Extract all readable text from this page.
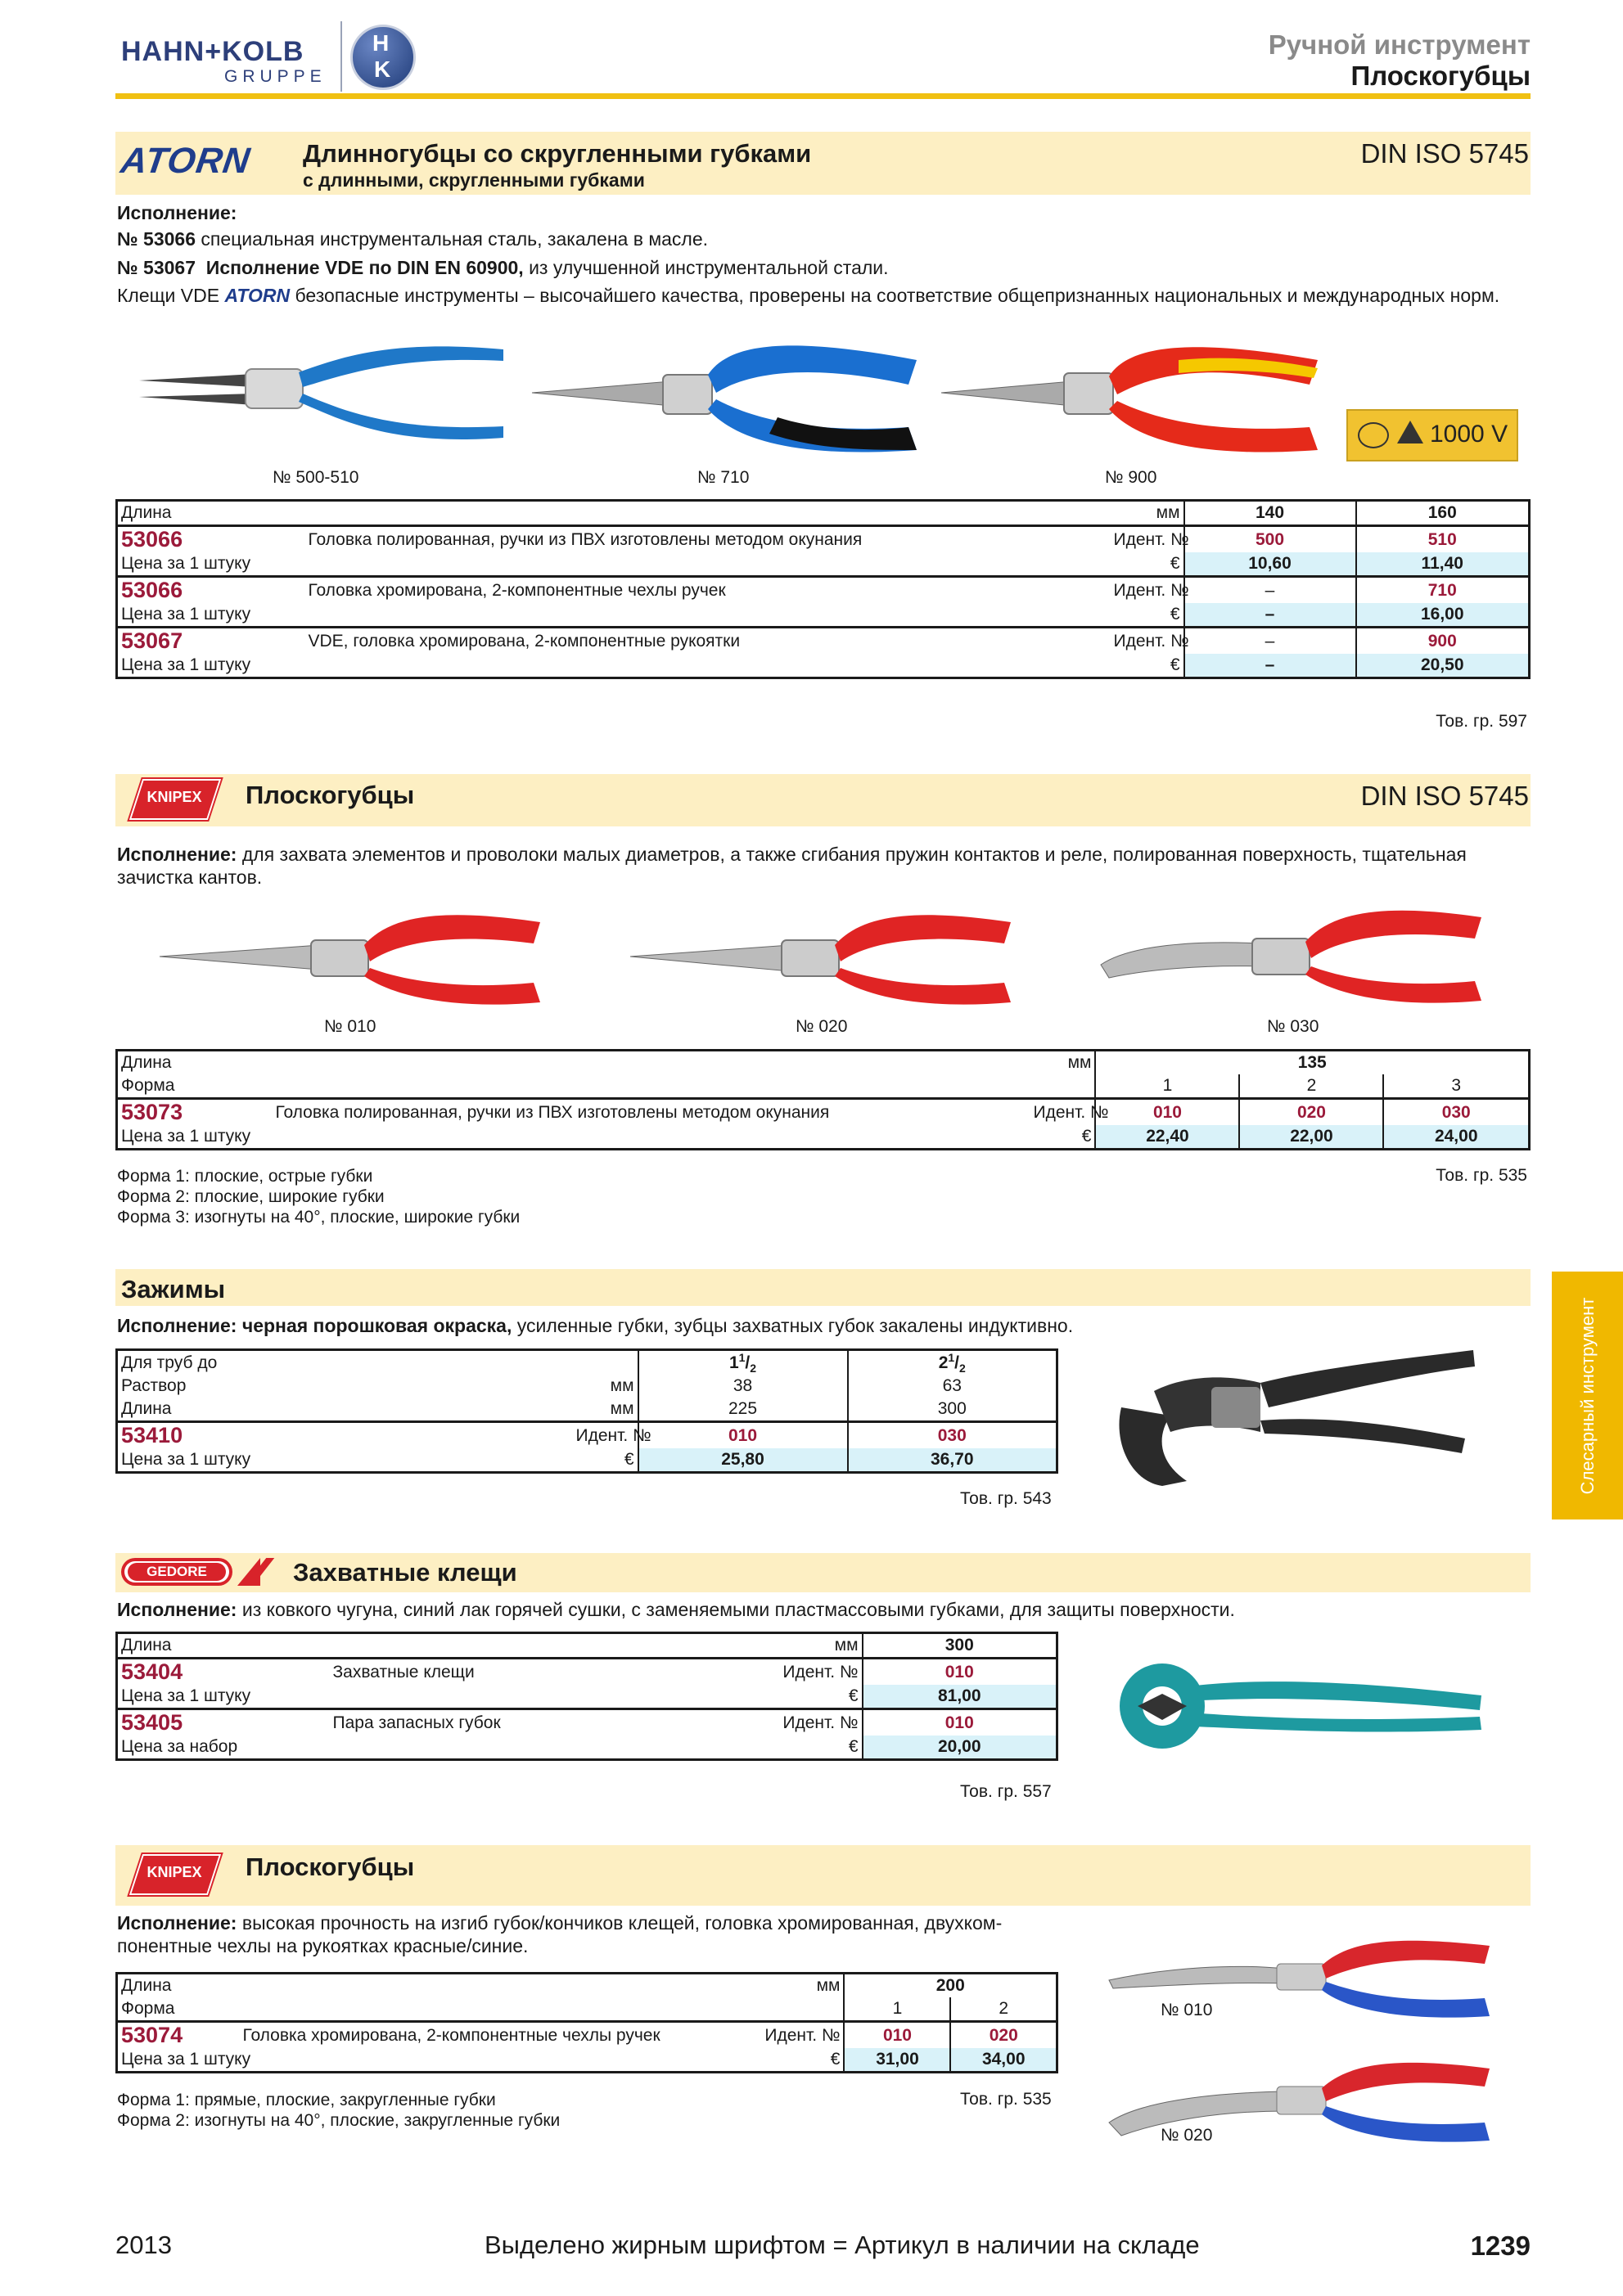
HAHN+KOLB
GRUPPE
H
K
Ручной инструмент
Плоскогубцы
Слесарный инструмент
ATORN	Длинногубцы со скругленными губками
с длинными, скругленными губками
DIN ISO 5745
Исполнение:
№ 53066 специальная инструментальная сталь, закалена в масле.
№ 53067 Исполнение VDE по DIN EN 60900, из улучшенной инструментальной стали.
Клещи VDE ATORN безопасные инструменты – высочайшего качества, проверены на соответствие общепризнанных национальных и международных норм.
1000 V
№ 500-510	№ 710	№ 900
Длина		мм	140	160
53066	Головка полированная, ручки из ПВХ изготовлены методом окунания	Идент. №	500	510
Цена за 1 штуку		€	10,60	11,40
53066	Головка хромирована, 2-компонентные чехлы ручек	Идент. №	–	710
Цена за 1 штуку		€	–	16,00
53067	VDE, головка хромирована, 2-компонентные рукоятки	Идент. №	–	900
Цена за 1 штуку		€	–	20,50
Тов. гр. 597
KNIPEX	Плоскогубцы	DIN ISO 5745
Исполнение: для захвата элементов и проволоки малых диаметров, а также сгибания пружин контактов и реле, полированная поверхность, тщательная зачистка кантов.
№ 010	№ 020	№ 030
Длина		мм	135		
Форма			1	2	3
53073	Головка полированная, ручки из ПВХ изготовлены методом окунания	Идент. №	010	020	030
Цена за 1 штуку		€	22,40	22,00	24,00
Форма 1: плоские, острые губки
Форма 2: плоские, широкие губки
Форма 3: изогнуты на 40°, плоские, широкие губки
Тов. гр. 535
Зажимы
Исполнение: черная порошковая окраска, усиленные губки, зубцы захватных губок закалены индуктивно.
Для труб до			$1^1/_2$	$2^1/_2$
Раствор		мм	38	63
Длина		мм	225	300
53410		Идент. №	010	030
Цена за 1 штуку		€	25,80	36,70
Тов. гр. 543
GEDORE	Захватные клещи
Исполнение: из ковкого чугуна, синий лак горячей сушки, с заменяемыми пластмассовыми губками, для защиты поверхности.
Длина		мм	300
53404	Захватные клещи	Идент. №	010
Цена за 1 штуку		€	81,00
53405	Пара запасных губок	Идент. №	010
Цена за набор		€	20,00
Тов. гр. 557
KNIPEX	Плоскогубцы
Исполнение: высокая прочность на изгиб губок/кончиков клещей, головка хромированная, двухком-понентные чехлы на рукоятках красные/синие.
Длина		мм	200	
Форма			1	2
53074	Головка хромирована, 2-компонентные чехлы ручек	Идент. №	010	020
Цена за 1 штуку		€	31,00	34,00
Форма 1: прямые, плоские, закругленные губки
Форма 2: изогнуты на 40°, плоские, закругленные губки
Тов. гр. 535
№ 010
№ 020
2013	Выделено жирным шрифтом = Артикул в наличии на складе	1239
